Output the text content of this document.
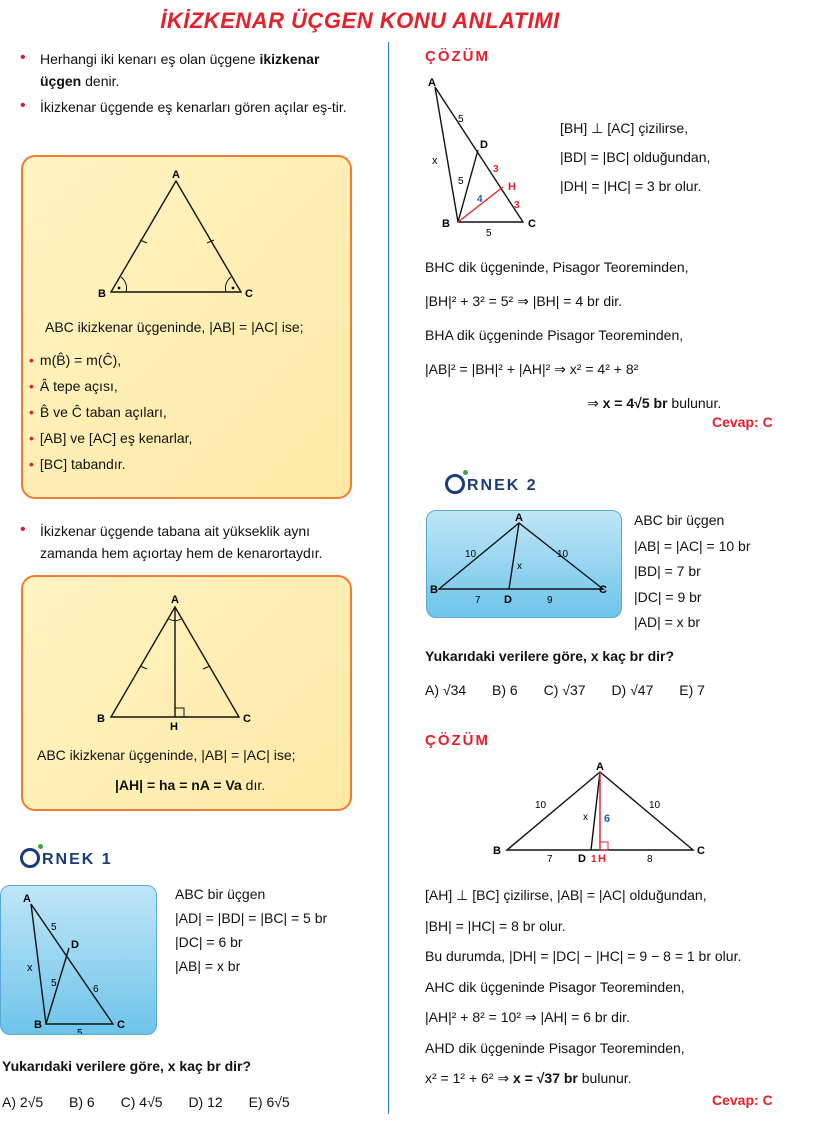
İKİZKENAR ÜÇGEN KONU ANLATIMI
• Herhangi iki kenarı eş olan üçgene ikizkenar üçgen denir.
• İkizkenar üçgende eş kenarları gören açılar eş-tir.
A
B	C
ABC ikizkenar üçgeninde, |AB| = |AC| ise;
• m(B̂) = m(Ĉ),
• Â tepe açısı,
• B̂ ve Ĉ taban açıları,
• [AB] ve [AC] eş kenarlar,
• [BC] tabandır.
• İkizkenar üçgende tabana ait yükseklik aynı zamanda hem açıortay hem de kenarortaydır.
A
B	C
H
ABC ikizkenar üçgeninde, |AB| = |AC| ise;
|AH| = ha = nA = Va dır.
RNEK 1
A
B	C
D
x
5
5
5
6
ABC bir üçgen
|AD| = |BD| = |BC| = 5 br
|DC| = 6 br
|AB| = x br
Yukarıdaki verilere göre, x kaç br dir?
A) 2√5 B) 6 C) 4√5 D) 12 E) 6√5
ÇÖZÜM
A
B	C
D
H
x
5
5
5
3
3
4
[BH] ⊥ [AC] çizilirse,
|BD| = |BC| olduğundan,
|DH| = |HC| = 3 br olur.
BHC dik üçgeninde, Pisagor Teoreminden,
|BH|² + 3² = 5² ⇒ |BH| = 4 br dir.
BHA dik üçgeninde Pisagor Teoreminden,
|AB|² = |BH|² + |AH|² ⇒ x² = 4² + 8²
⇒ x = 4√5 br bulunur.
Cevap: C
RNEK 2
A
B	C
D
x
10	10
7	9
ABC bir üçgen
|AB| = |AC| = 10 br
|BD| = 7 br
|DC| = 9 br
|AD| = x br
Yukarıdaki verilere göre, x kaç br dir?
A) √34 B) 6 C) √37 D) √47 E) 7
ÇÖZÜM
A
B	C
D H
1
x 6
10	10
7	8
[AH] ⊥ [BC] çizilirse, |AB| = |AC| olduğundan,
|BH| = |HC| = 8 br olur.
Bu durumda, |DH| = |DC| − |HC| = 9 − 8 = 1 br olur.
AHC dik üçgeninde Pisagor Teoreminden,
|AH|² + 8² = 10² ⇒ |AH| = 6 br dir.
AHD dik üçgeninde Pisagor Teoreminden,
x² = 1² + 6² ⇒ x = √37 br bulunur.
Cevap: C
